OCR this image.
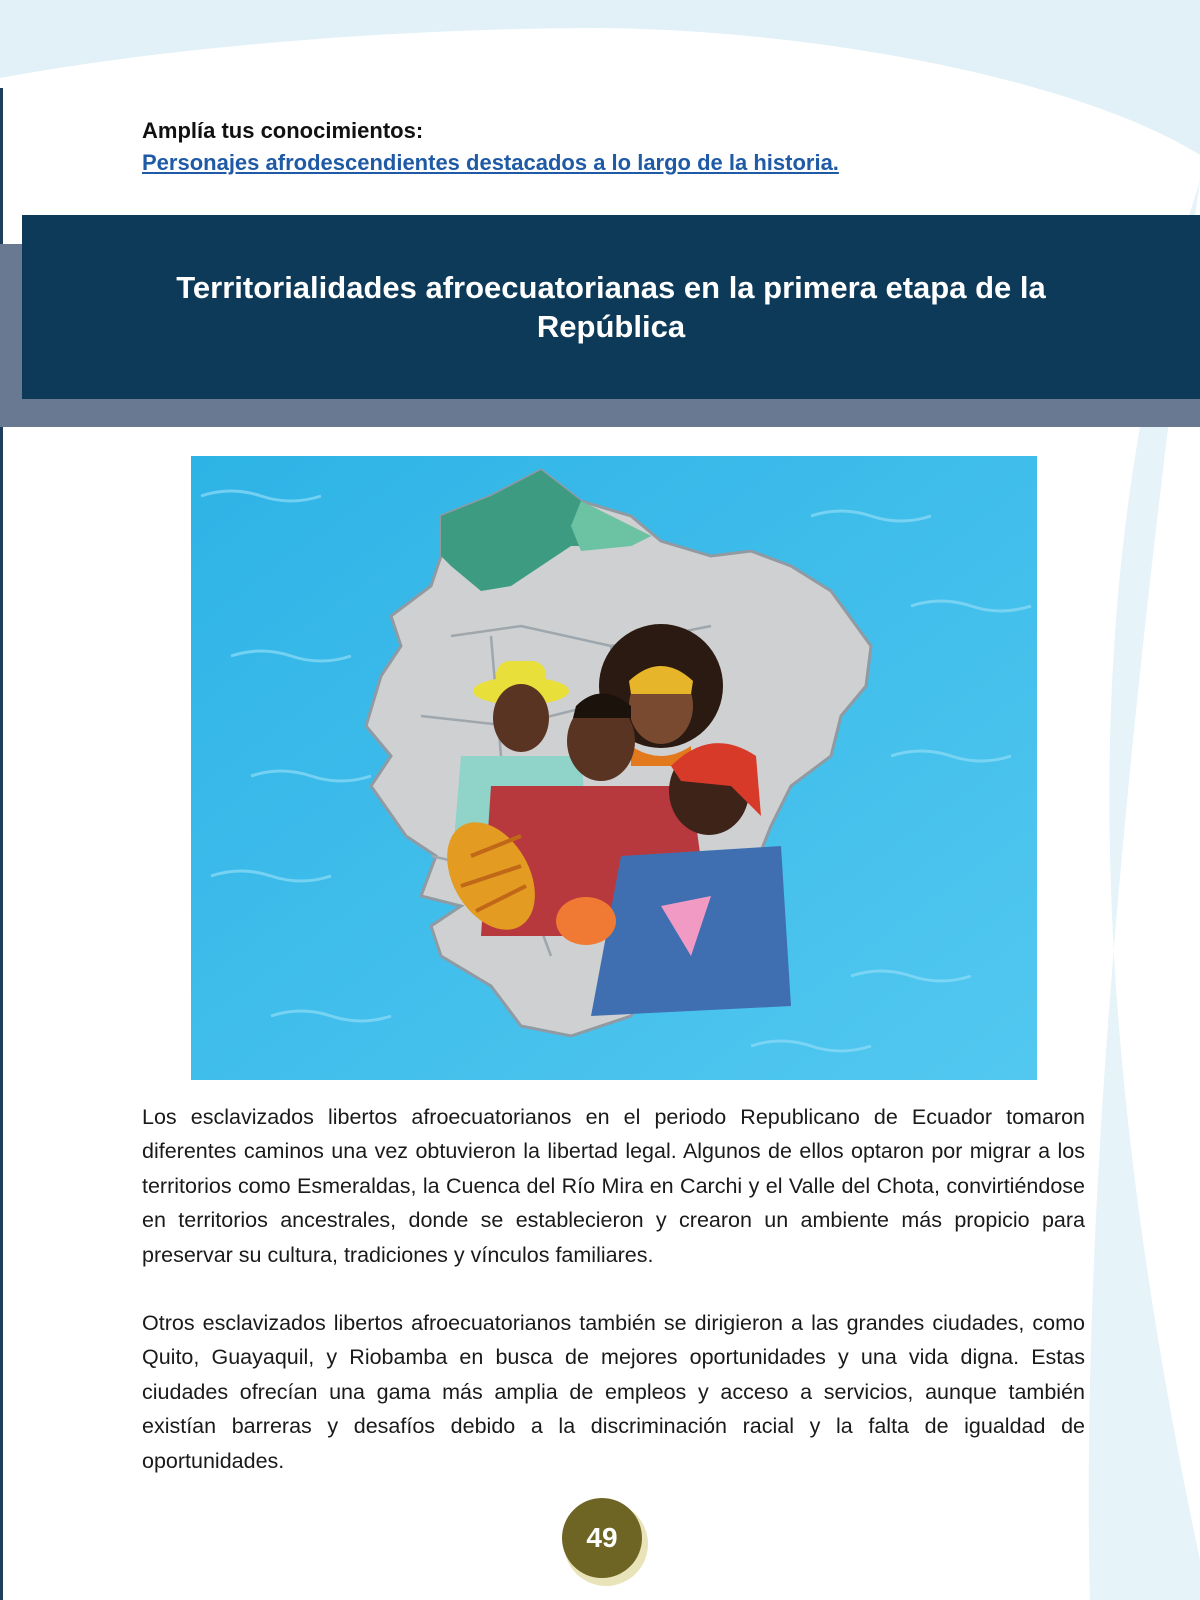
Amplía tus conocimientos:
Personajes afrodescendientes destacados a lo largo de la historia.
Territorialidades afroecuatorianas en la primera etapa de la República

Los esclavizados libertos afroecuatorianos en el periodo Republicano de Ecuador tomaron diferentes caminos una vez obtuvieron la libertad legal. Algunos de ellos optaron por migrar a los territorios como Esmeraldas, la Cuenca del Río Mira en Carchi y el Valle del Chota, convirtiéndose en territorios ancestrales, donde se establecieron y crearon un ambiente más propicio para preservar su cultura, tradiciones y vínculos familiares.

Otros esclavizados libertos afroecuatorianos también se dirigieron a las grandes ciudades, como Quito, Guayaquil, y Riobamba en busca de mejores oportunidades y una vida digna. Estas ciudades ofrecían una gama más amplia de empleos y acceso a servicios, aunque también existían barreras y desafíos debido a la discriminación racial y la falta de igualdad de oportunidades.

49
